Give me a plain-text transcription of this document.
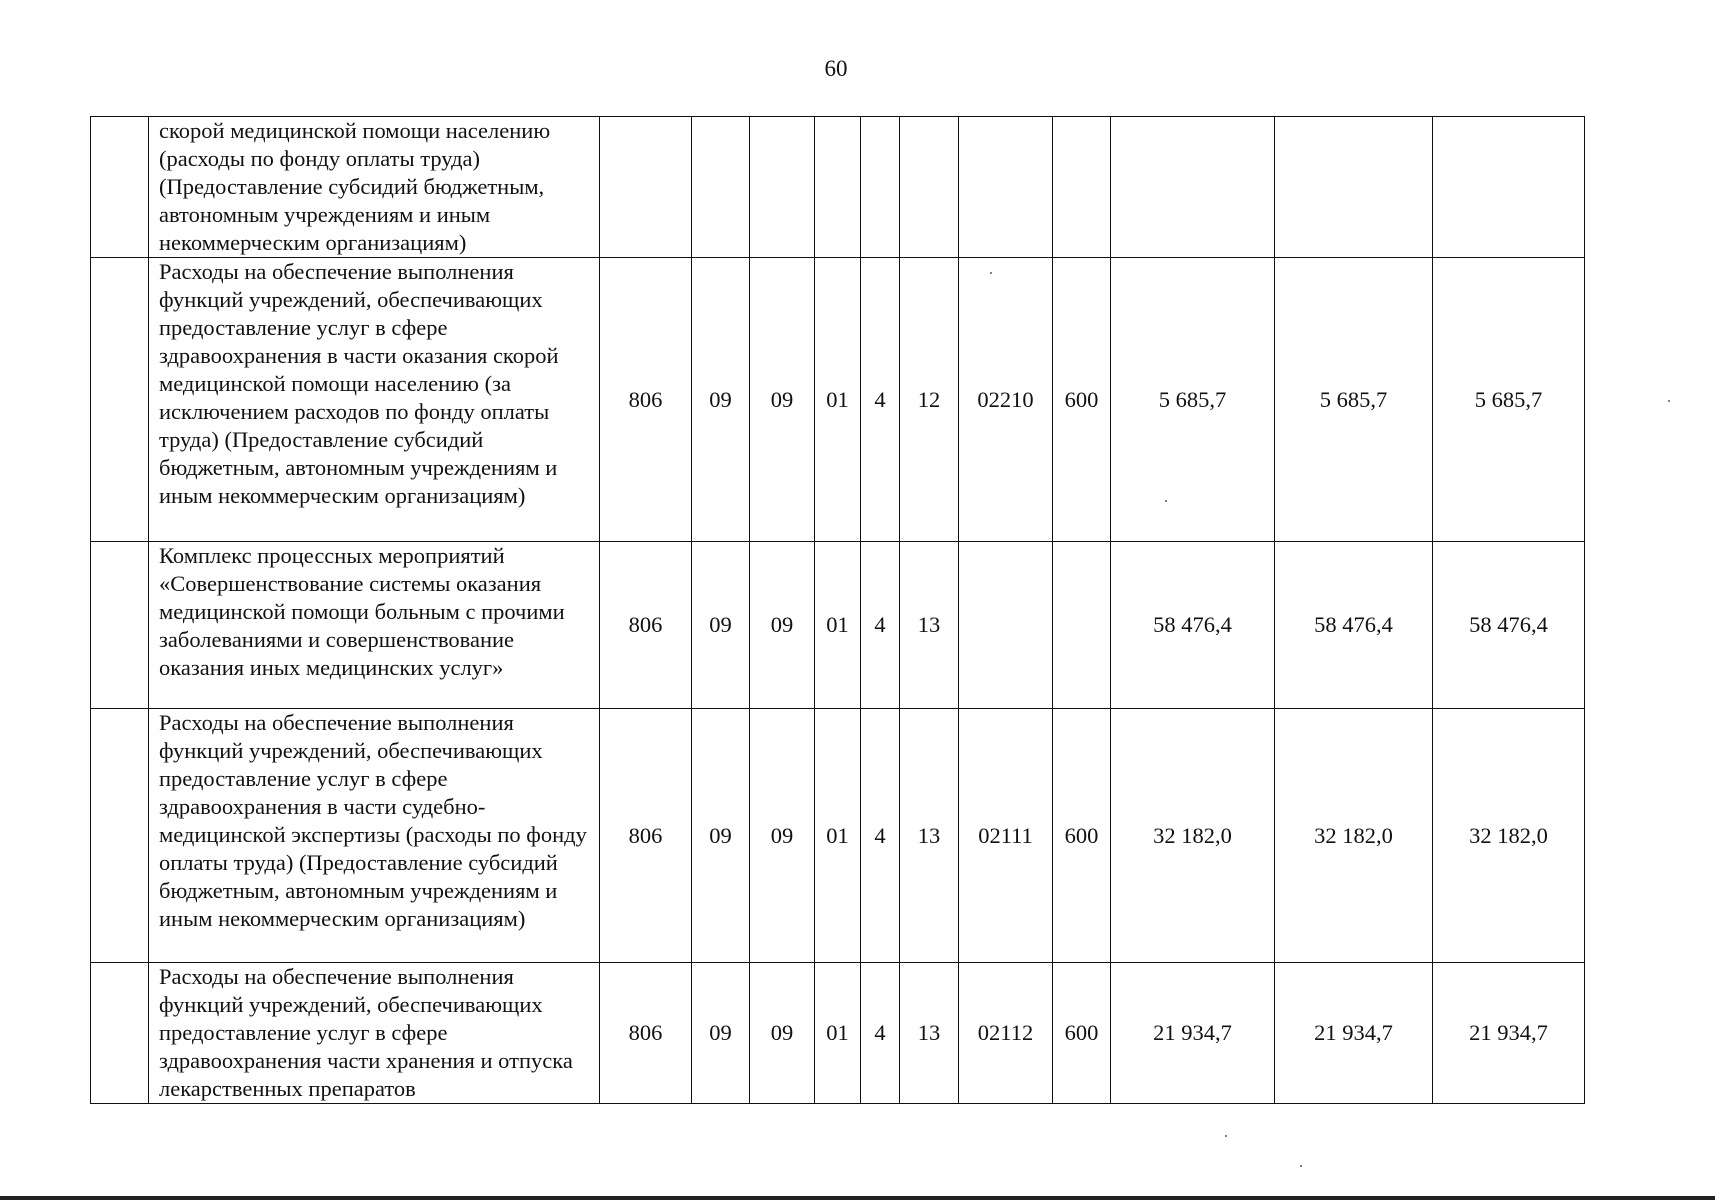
60
	скорой медицинской помощи населению (расходы по фонду оплаты труда) (Предоставление субсидий бюджетным, автономным учреждениям и иным некоммерческим организациям)											
	Расходы на обеспечение выполнения функций учреждений, обеспечивающих предоставление услуг в сфере здравоохранения в части оказания скорой медицинской помощи населению (за исключением расходов по фонду оплаты труда) (Предоставление субсидий бюджетным, автономным учреждениям и иным некоммерческим организациям)	806	09	09	01	4	12	02210	600	5 685,7	5 685,7	5 685,7
	Комплекс процессных мероприятий «Совершенствование системы оказания медицинской помощи больным с прочими заболеваниями и совершенствование оказания иных медицинских услуг»	806	09	09	01	4	13			58 476,4	58 476,4	58 476,4
	Расходы на обеспечение выполнения функций учреждений, обеспечивающих предоставление услуг в сфере здравоохранения в части судебно-медицинской экспертизы (расходы по фонду оплаты труда) (Предоставление субсидий бюджетным, автономным учреждениям и иным некоммерческим организациям)	806	09	09	01	4	13	02111	600	32 182,0	32 182,0	32 182,0
	Расходы на обеспечение выполнения функций учреждений, обеспечивающих предоставление услуг в сфере здравоохранения части хранения и отпуска лекарственных препаратов	806	09	09	01	4	13	02112	600	21 934,7	21 934,7	21 934,7
